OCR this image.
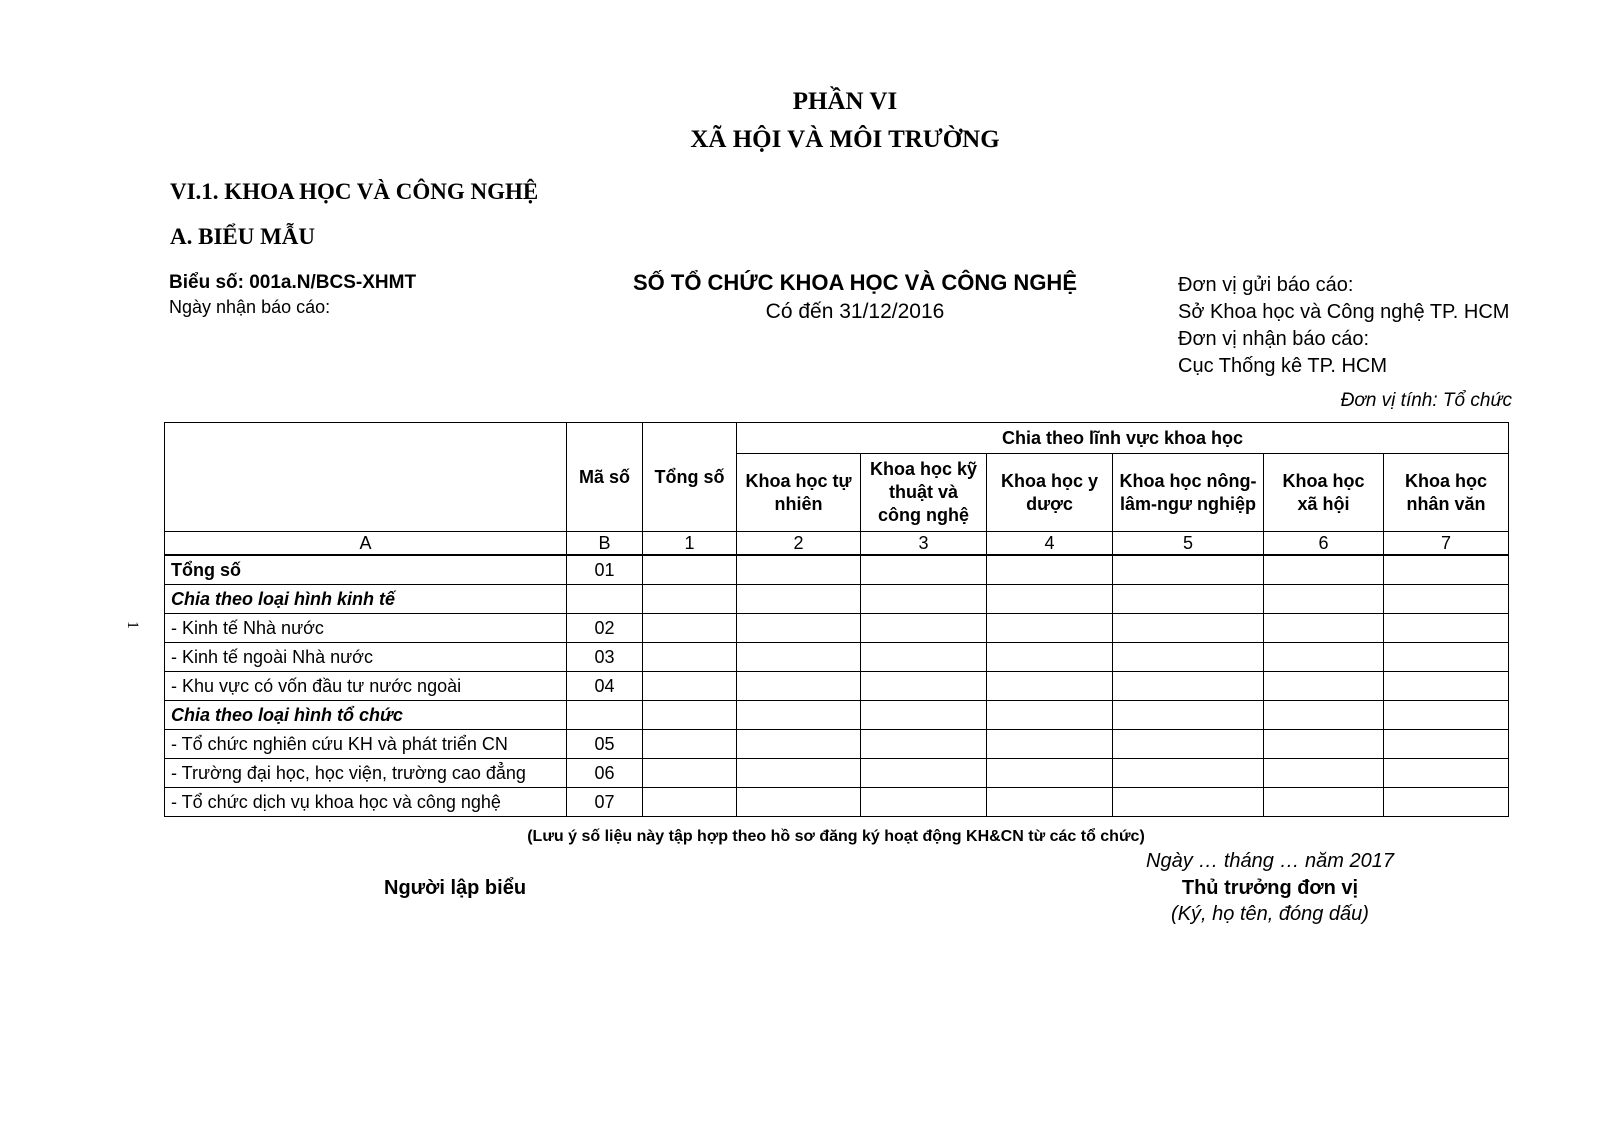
PHẦN VI
XÃ HỘI VÀ MÔI TRƯỜNG
VI.1. KHOA HỌC VÀ CÔNG NGHỆ
A. BIỂU MẪU
Biểu số: 001a.N/BCS-XHMT
Ngày nhận báo cáo:
SỐ TỔ CHỨC KHOA HỌC VÀ CÔNG NGHỆ
Có đến 31/12/2016
Đơn vị gửi báo cáo:
Sở Khoa học và Công nghệ TP. HCM
Đơn vị nhận báo cáo:
Cục Thống kê TP. HCM
Đơn vị tính: Tổ chức
1
	Mã số	Tổng số	Chia theo lĩnh vực khoa học					
			Khoa học tự nhiên	Khoa học kỹ thuật và công nghệ	Khoa học y dược	Khoa học nông-lâm-ngư nghiệp	Khoa học xã hội	Khoa học nhân văn
A	B	1	2	3	4	5	6	7
Tổng số	01							
Chia theo loại hình kinh tế								
- Kinh tế Nhà nước	02							
- Kinh tế ngoài Nhà nước	03							
- Khu vực có vốn đầu tư nước ngoài	04							
Chia theo loại hình tổ chức								
- Tổ chức nghiên cứu KH và phát triển CN	05							
- Trường đại học, học viện, trường cao đẳng	06							
- Tổ chức dịch vụ khoa học và công nghệ	07							
(Lưu ý số liệu này tập hợp theo hồ sơ đăng ký hoạt động KH&CN từ các tổ chức)
Ngày … tháng … năm 2017
Người lập biểu	Thủ trưởng đơn vị
(Ký, họ tên, đóng dấu)
